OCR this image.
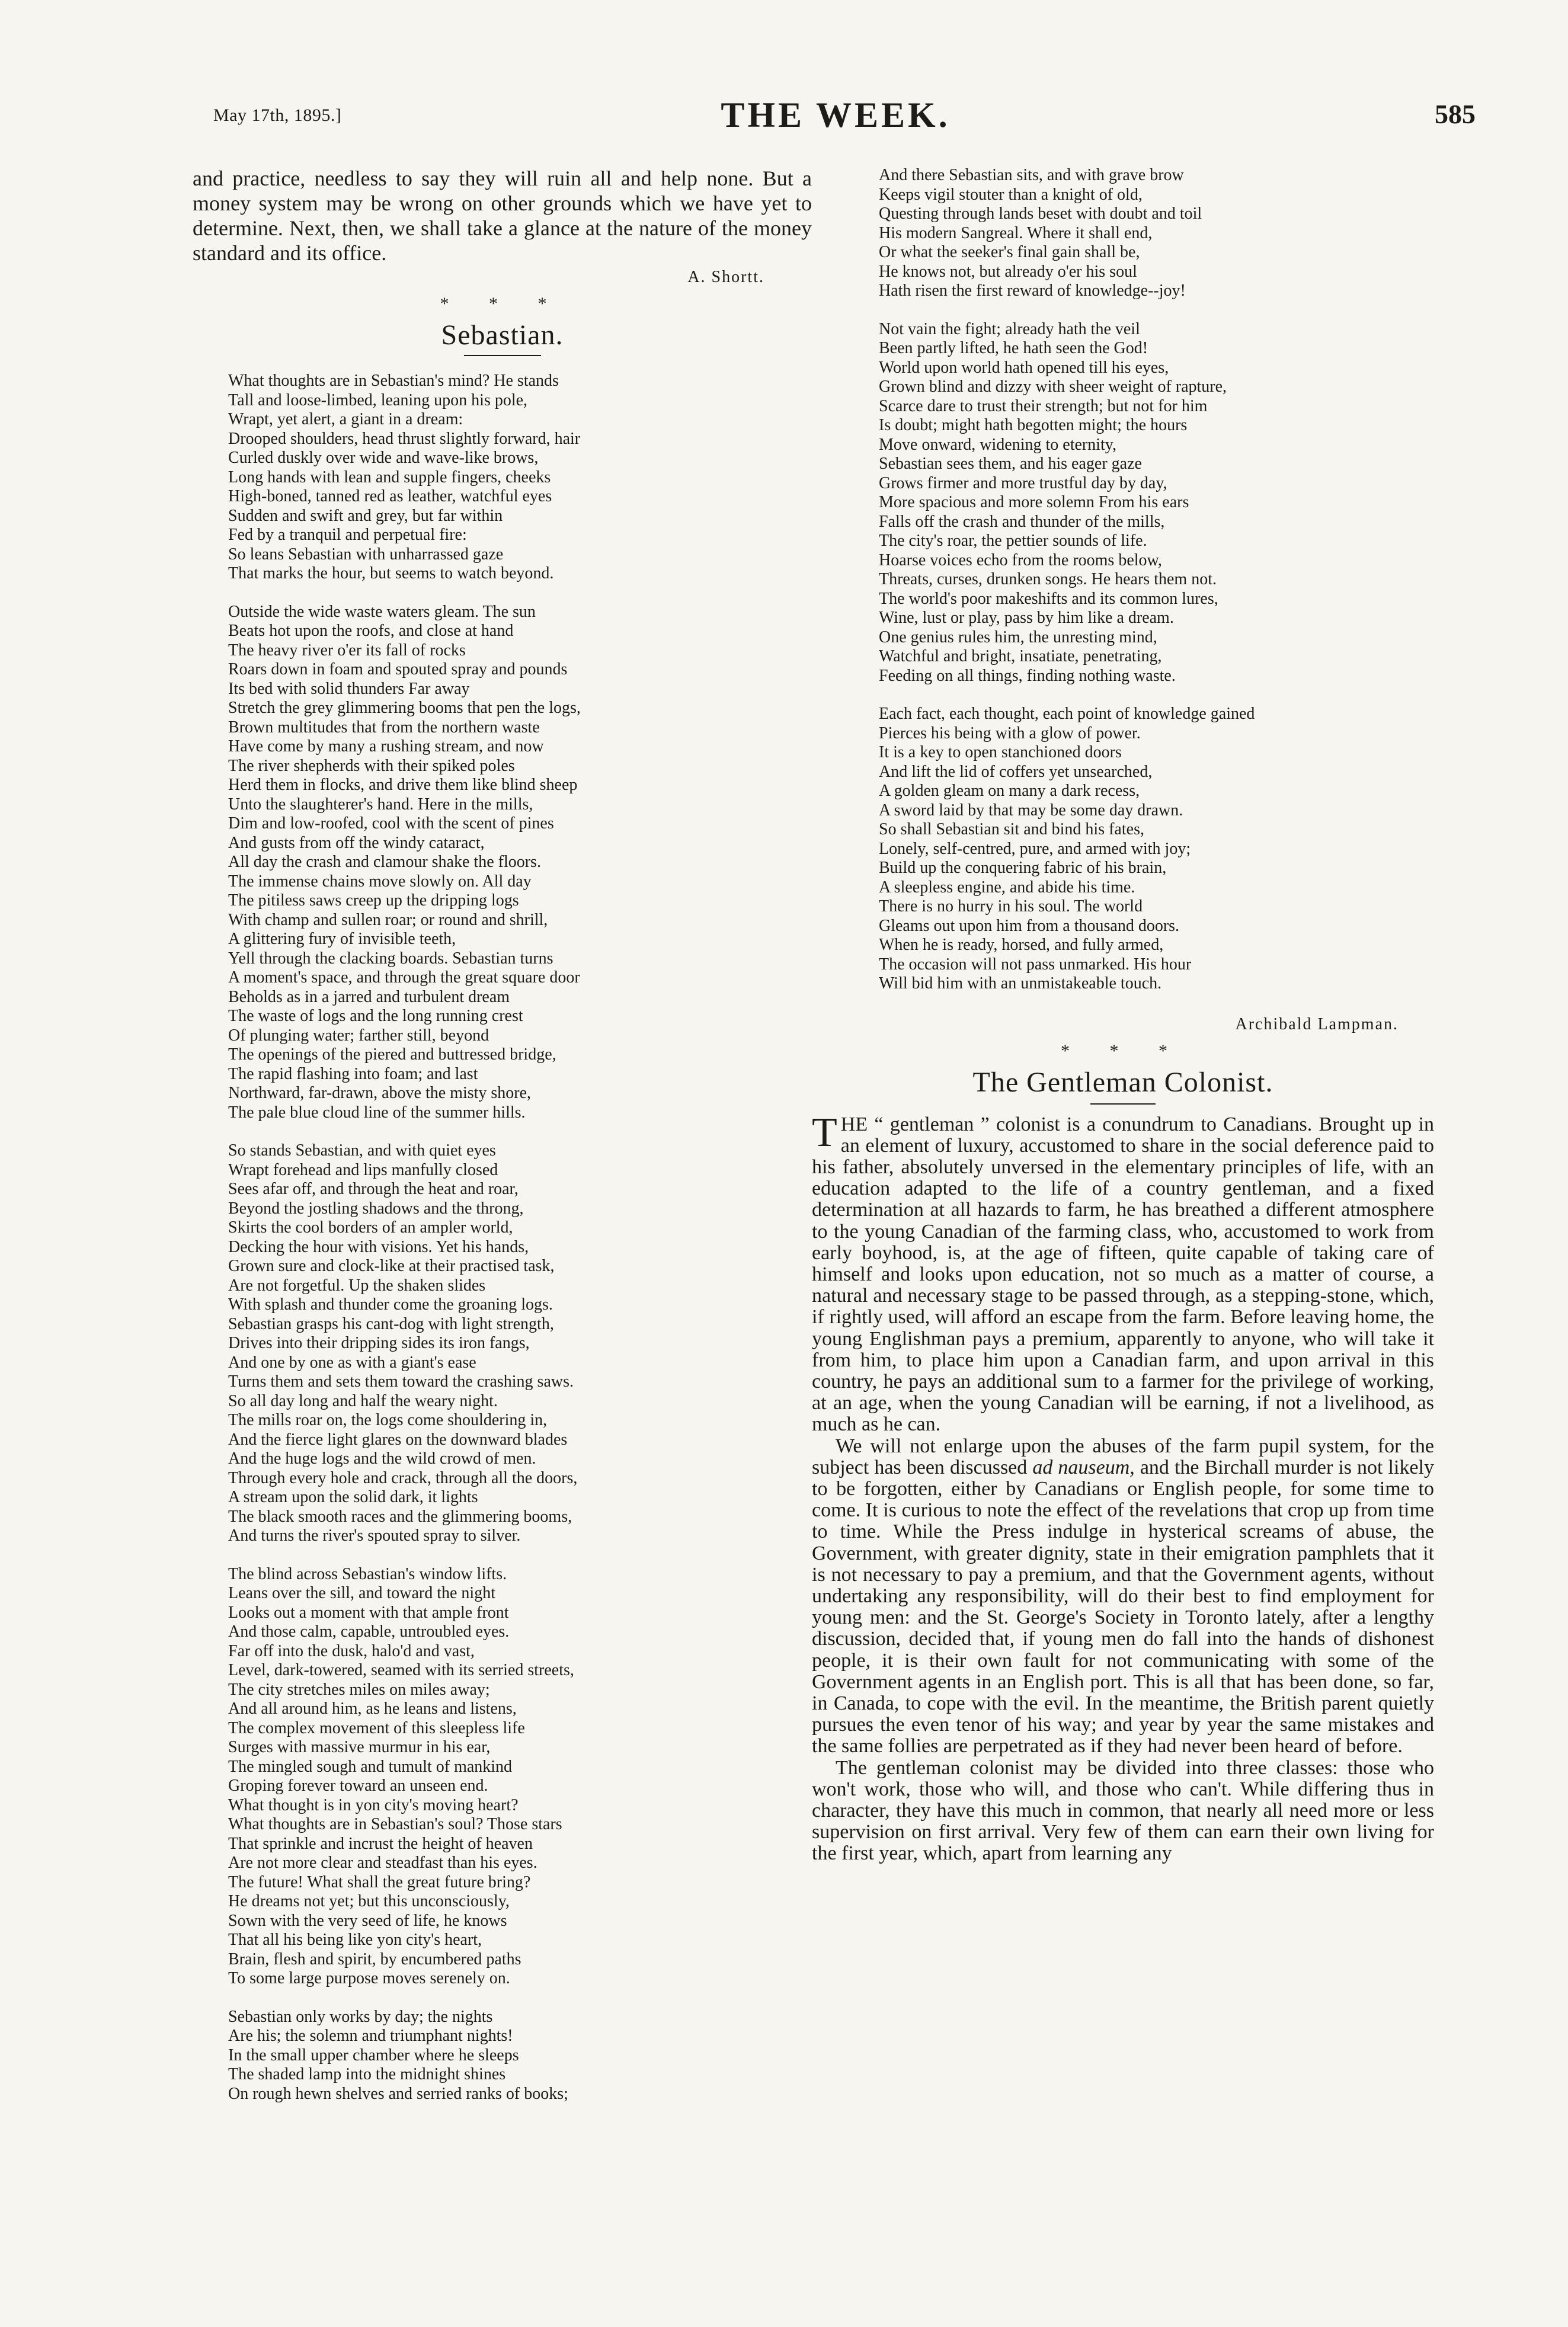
May 17th, 1895.]	THE WEEK.	585

and practice, needless to say they will ruin all and help none. But a money system may be wrong on other grounds which we have yet to determine. Next, then, we shall take a glance at the nature of the money standard and its office.

A. Shortt.

* * *
Sebastian.
What thoughts are in Sebastian's mind? He stands
Tall and loose-limbed, leaning upon his pole,
Wrapt, yet alert, a giant in a dream:
Drooped shoulders, head thrust slightly forward, hair
Curled duskly over wide and wave-like brows,
Long hands with lean and supple fingers, cheeks
High-boned, tanned red as leather, watchful eyes
Sudden and swift and grey, but far within
Fed by a tranquil and perpetual fire:
So leans Sebastian with unharrassed gaze
That marks the hour, but seems to watch beyond.
Outside the wide waste waters gleam. The sun
Beats hot upon the roofs, and close at hand
The heavy river o'er its fall of rocks
Roars down in foam and spouted spray and pounds
Its bed with solid thunders Far away
Stretch the grey glimmering booms that pen the logs,
Brown multitudes that from the northern waste
Have come by many a rushing stream, and now
The river shepherds with their spiked poles
Herd them in flocks, and drive them like blind sheep
Unto the slaughterer's hand. Here in the mills,
Dim and low-roofed, cool with the scent of pines
And gusts from off the windy cataract,
All day the crash and clamour shake the floors.
The immense chains move slowly on. All day
The pitiless saws creep up the dripping logs
With champ and sullen roar; or round and shrill,
A glittering fury of invisible teeth,
Yell through the clacking boards. Sebastian turns
A moment's space, and through the great square door
Beholds as in a jarred and turbulent dream
The waste of logs and the long running crest
Of plunging water; farther still, beyond
The openings of the piered and buttressed bridge,
The rapid flashing into foam; and last
Northward, far-drawn, above the misty shore,
The pale blue cloud line of the summer hills.
So stands Sebastian, and with quiet eyes
Wrapt forehead and lips manfully closed
Sees afar off, and through the heat and roar,
Beyond the jostling shadows and the throng,
Skirts the cool borders of an ampler world,
Decking the hour with visions. Yet his hands,
Grown sure and clock-like at their practised task,
Are not forgetful. Up the shaken slides
With splash and thunder come the groaning logs.
Sebastian grasps his cant-dog with light strength,
Drives into their dripping sides its iron fangs,
And one by one as with a giant's ease
Turns them and sets them toward the crashing saws.
So all day long and half the weary night.
The mills roar on, the logs come shouldering in,
And the fierce light glares on the downward blades
And the huge logs and the wild crowd of men.
Through every hole and crack, through all the doors,
A stream upon the solid dark, it lights
The black smooth races and the glimmering booms,
And turns the river's spouted spray to silver.
The blind across Sebastian's window lifts.
Leans over the sill, and toward the night
Looks out a moment with that ample front
And those calm, capable, untroubled eyes.
Far off into the dusk, halo'd and vast,
Level, dark-towered, seamed with its serried streets,
The city stretches miles on miles away;
And all around him, as he leans and listens,
The complex movement of this sleepless life
Surges with massive murmur in his ear,
The mingled sough and tumult of mankind
Groping forever toward an unseen end.
What thought is in yon city's moving heart?
What thoughts are in Sebastian's soul? Those stars
That sprinkle and incrust the height of heaven
Are not more clear and steadfast than his eyes.
The future! What shall the great future bring?
He dreams not yet; but this unconsciously,
Sown with the very seed of life, he knows
That all his being like yon city's heart,
Brain, flesh and spirit, by encumbered paths
To some large purpose moves serenely on.
Sebastian only works by day; the nights
Are his; the solemn and triumphant nights!
In the small upper chamber where he sleeps
The shaded lamp into the midnight shines
On rough hewn shelves and serried ranks of books;
And there Sebastian sits, and with grave brow
Keeps vigil stouter than a knight of old,
Questing through lands beset with doubt and toil
His modern Sangreal. Where it shall end,
Or what the seeker's final gain shall be,
He knows not, but already o'er his soul
Hath risen the first reward of knowledge--joy!
Not vain the fight; already hath the veil
Been partly lifted, he hath seen the God!
World upon world hath opened till his eyes,
Grown blind and dizzy with sheer weight of rapture,
Scarce dare to trust their strength; but not for him
Is doubt; might hath begotten might; the hours
Move onward, widening to eternity,
Sebastian sees them, and his eager gaze
Grows firmer and more trustful day by day,
More spacious and more solemn From his ears
Falls off the crash and thunder of the mills,
The city's roar, the pettier sounds of life.
Hoarse voices echo from the rooms below,
Threats, curses, drunken songs. He hears them not.
The world's poor makeshifts and its common lures,
Wine, lust or play, pass by him like a dream.
One genius rules him, the unresting mind,
Watchful and bright, insatiate, penetrating,
Feeding on all things, finding nothing waste.
Each fact, each thought, each point of knowledge gained
Pierces his being with a glow of power.
It is a key to open stanchioned doors
And lift the lid of coffers yet unsearched,
A golden gleam on many a dark recess,
A sword laid by that may be some day drawn.
So shall Sebastian sit and bind his fates,
Lonely, self-centred, pure, and armed with joy;
Build up the conquering fabric of his brain,
A sleepless engine, and abide his time.
There is no hurry in his soul. The world
Gleams out upon him from a thousand doors.
When he is ready, horsed, and fully armed,
The occasion will not pass unmarked. His hour
Will bid him with an unmistakeable touch.

Archibald Lampman.

* * *
The Gentleman Colonist.

THE “ gentleman ” colonist is a conundrum to Canadians. Brought up in an element of luxury, accustomed to share in the social deference paid to his father, absolutely unversed in the elementary principles of life, with an education adapted to the life of a country gentleman, and a fixed determination at all hazards to farm, he has breathed a different atmosphere to the young Canadian of the farming class, who, accustomed to work from early boyhood, is, at the age of fifteen, quite capable of taking care of himself and looks upon education, not so much as a matter of course, a natural and necessary stage to be passed through, as a stepping-stone, which, if rightly used, will afford an escape from the farm. Before leaving home, the young Englishman pays a premium, apparently to anyone, who will take it from him, to place him upon a Canadian farm, and upon arrival in this country, he pays an additional sum to a farmer for the privilege of working, at an age, when the young Canadian will be earning, if not a livelihood, as much as he can.

We will not enlarge upon the abuses of the farm pupil system, for the subject has been discussed ad nauseum, and the Birchall murder is not likely to be forgotten, either by Canadians or English people, for some time to come. It is curious to note the effect of the revelations that crop up from time to time. While the Press indulge in hysterical screams of abuse, the Government, with greater dignity, state in their emigration pamphlets that it is not necessary to pay a premium, and that the Government agents, without undertaking any responsibility, will do their best to find employment for young men: and the St. George's Society in Toronto lately, after a lengthy discussion, decided that, if young men do fall into the hands of dishonest people, it is their own fault for not communicating with some of the Government agents in an English port. This is all that has been done, so far, in Canada, to cope with the evil. In the meantime, the British parent quietly pursues the even tenor of his way; and year by year the same mistakes and the same follies are perpetrated as if they had never been heard of before.

The gentleman colonist may be divided into three classes: those who won't work, those who will, and those who can't. While differing thus in character, they have this much in common, that nearly all need more or less supervision on first arrival. Very few of them can earn their own living for the first year, which, apart from learning any
